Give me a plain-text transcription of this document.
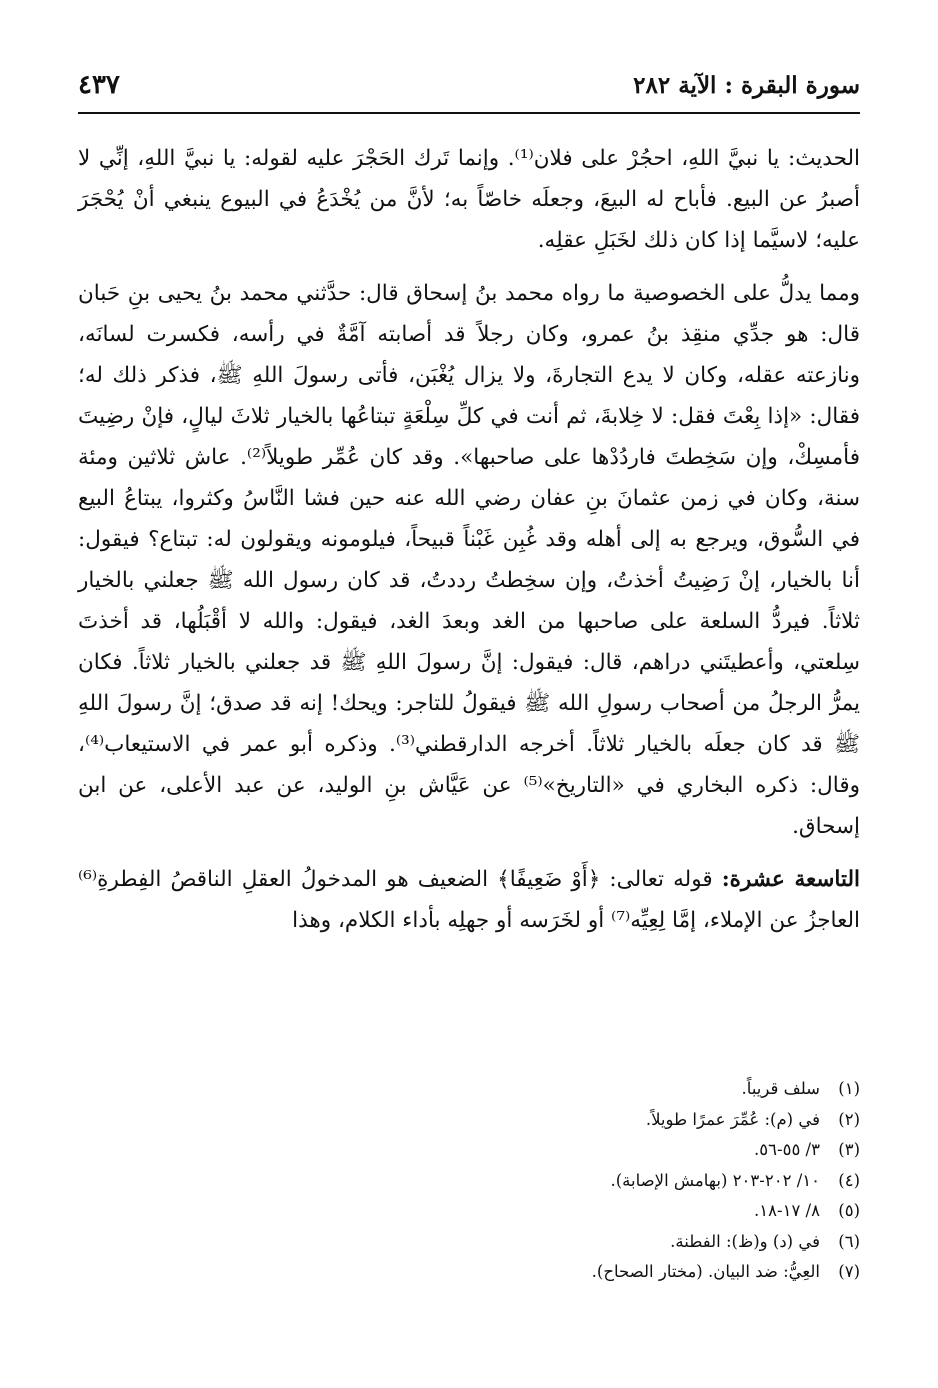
سورة البقرة : الآية ٢٨٢
٤٣٧

الحديث: يا نبيَّ اللهِ، احجُرْ على فلان⁽¹⁾. وإنما تَرك الحَجْرَ عليه لقوله: يا نبيَّ اللهِ، إنِّي لا أصبرُ عن البيع. فأباح له البيعَ، وجعلَه خاصّاً به؛ لأنَّ من يُخْدَعُ في البيوع ينبغي أنْ يُحْجَرَ عليه؛ لاسيَّما إذا كان ذلك لخَبَلِ عقلِه.

ومما يدلُّ على الخصوصية ما رواه محمد بنُ إسحاق قال: حدَّثني محمد بنُ يحيى بنِ حَبان قال: هو جدِّي منقِذ بنُ عمرو، وكان رجلاً قد أصابته آمَّةٌ في رأسه، فكسرت لسانَه، ونازعته عقله، وكان لا يدع التجارةَ، ولا يزال يُغْبَن، فأتى رسولَ اللهِ ﷺ، فذكر ذلك له؛ فقال: «إذا بِعْتَ فقل: لا خِلابةَ، ثم أنت في كلِّ سِلْعَةٍ تبتاعُها بالخيار ثلاثَ ليالٍ، فإنْ رضِيتَ فأمسِكْ، وإن سَخِطتَ فاردُدْها على صاحبها». وقد كان عُمِّر طويلاً⁽²⁾. عاش ثلاثين ومئة سنة، وكان في زمن عثمانَ بنِ عفان رضي الله عنه حين فشا النَّاسُ وكثروا، يبتاعُ البيع في السُّوق، ويرجع به إلى أهله وقد غُبِن غَبْناً قبيحاً، فيلومونه ويقولون له: تبتاع؟ فيقول: أنا بالخيار، إنْ رَضِيتُ أخذتُ، وإن سخِطتُ رددتُ، قد كان رسول الله ﷺ جعلني بالخيار ثلاثاً. فيردُّ السلعة على صاحبها من الغد وبعدَ الغد، فيقول: والله لا أقْبَلُها، قد أخذتَ سِلعتي، وأعطيتَني دراهم، قال: فيقول: إنَّ رسولَ اللهِ ﷺ قد جعلني بالخيار ثلاثاً. فكان يمرُّ الرجلُ من أصحاب رسولِ الله ﷺ فيقولُ للتاجر: ويحك! إنه قد صدق؛ إنَّ رسولَ اللهِ ﷺ قد كان جعلَه بالخيار ثلاثاً. أخرجه الدارقطني⁽³⁾. وذكره أبو عمر في الاستيعاب⁽⁴⁾، وقال: ذكره البخاري في «التاريخ»⁽⁵⁾ عن عَيَّاش بنِ الوليد، عن عبد الأعلى، عن ابن إسحاق.

التاسعة عشرة: قوله تعالى: ﴿أَوْ ضَعِيفًا﴾ الضعيف هو المدخولُ العقلِ الناقصُ الفِطرةِ⁽⁶⁾ العاجزُ عن الإملاء، إمَّا لِعِيِّه⁽⁷⁾ أو لخَرَسه أو جهلِه بأداء الكلام، وهذا

(١)
سلف قريباً.
(٢)
في (م): عُمِّرَ عمرًا طويلاً.
(٣)
٣/ ٥٥-٥٦.
(٤)
١٠/ ٢٠٢-٢٠٣ (بهامش الإصابة).
(٥)
٨/ ١٧-١٨.
(٦)
في (د) و(ظ): الفطنة.
(٧)
العِيُّ: ضد البيان. (مختار الصحاح).
